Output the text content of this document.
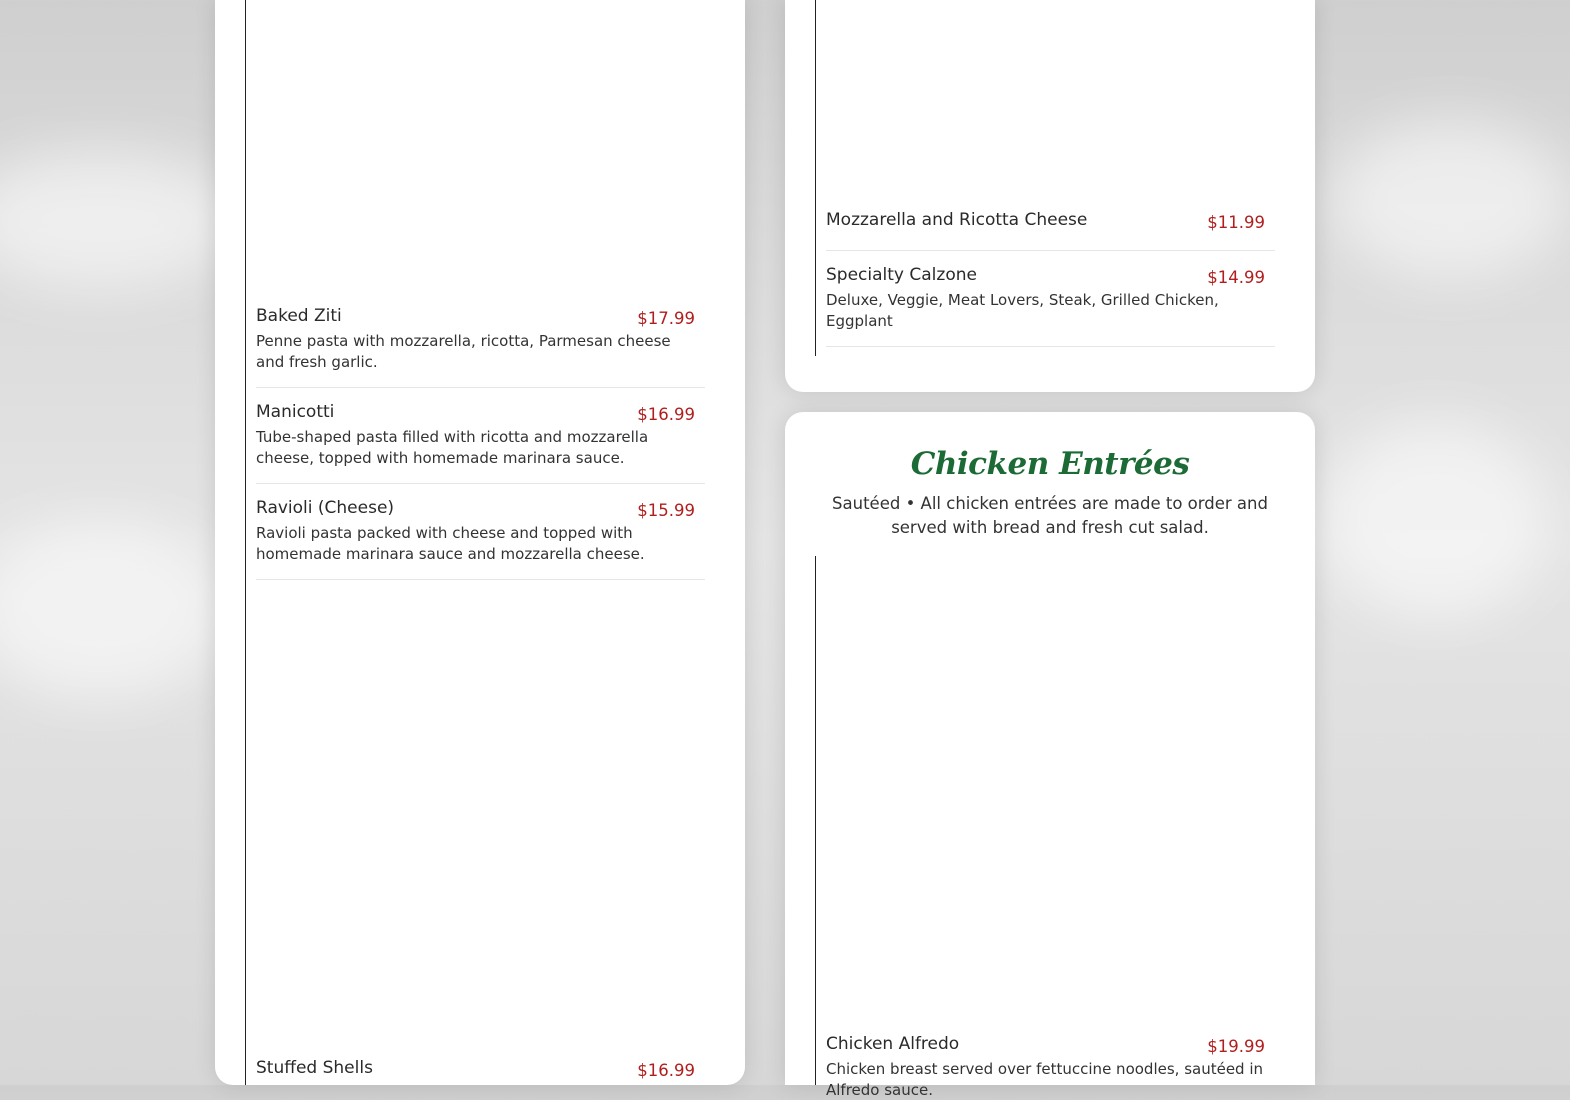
Baked Ziti	$17.99
Penne pasta with mozzarella, ricotta, Parmesan cheese and fresh garlic.
Manicotti	$16.99
Tube-shaped pasta filled with ricotta and mozzarella cheese, topped with homemade marinara sauce.
Ravioli (Cheese)	$15.99
Ravioli pasta packed with cheese and topped with homemade marinara sauce and mozzarella cheese.
Stuffed Shells	$16.99
Mozzarella and Ricotta Cheese	$11.99
Specialty Calzone	$14.99
Deluxe, Veggie, Meat Lovers, Steak, Grilled Chicken, Eggplant
Chicken Entrées
Sautéed • All chicken entrées are made to order and served with bread and fresh cut salad.
Chicken Alfredo	$19.99
Chicken breast served over fettuccine noodles, sautéed in Alfredo sauce.
